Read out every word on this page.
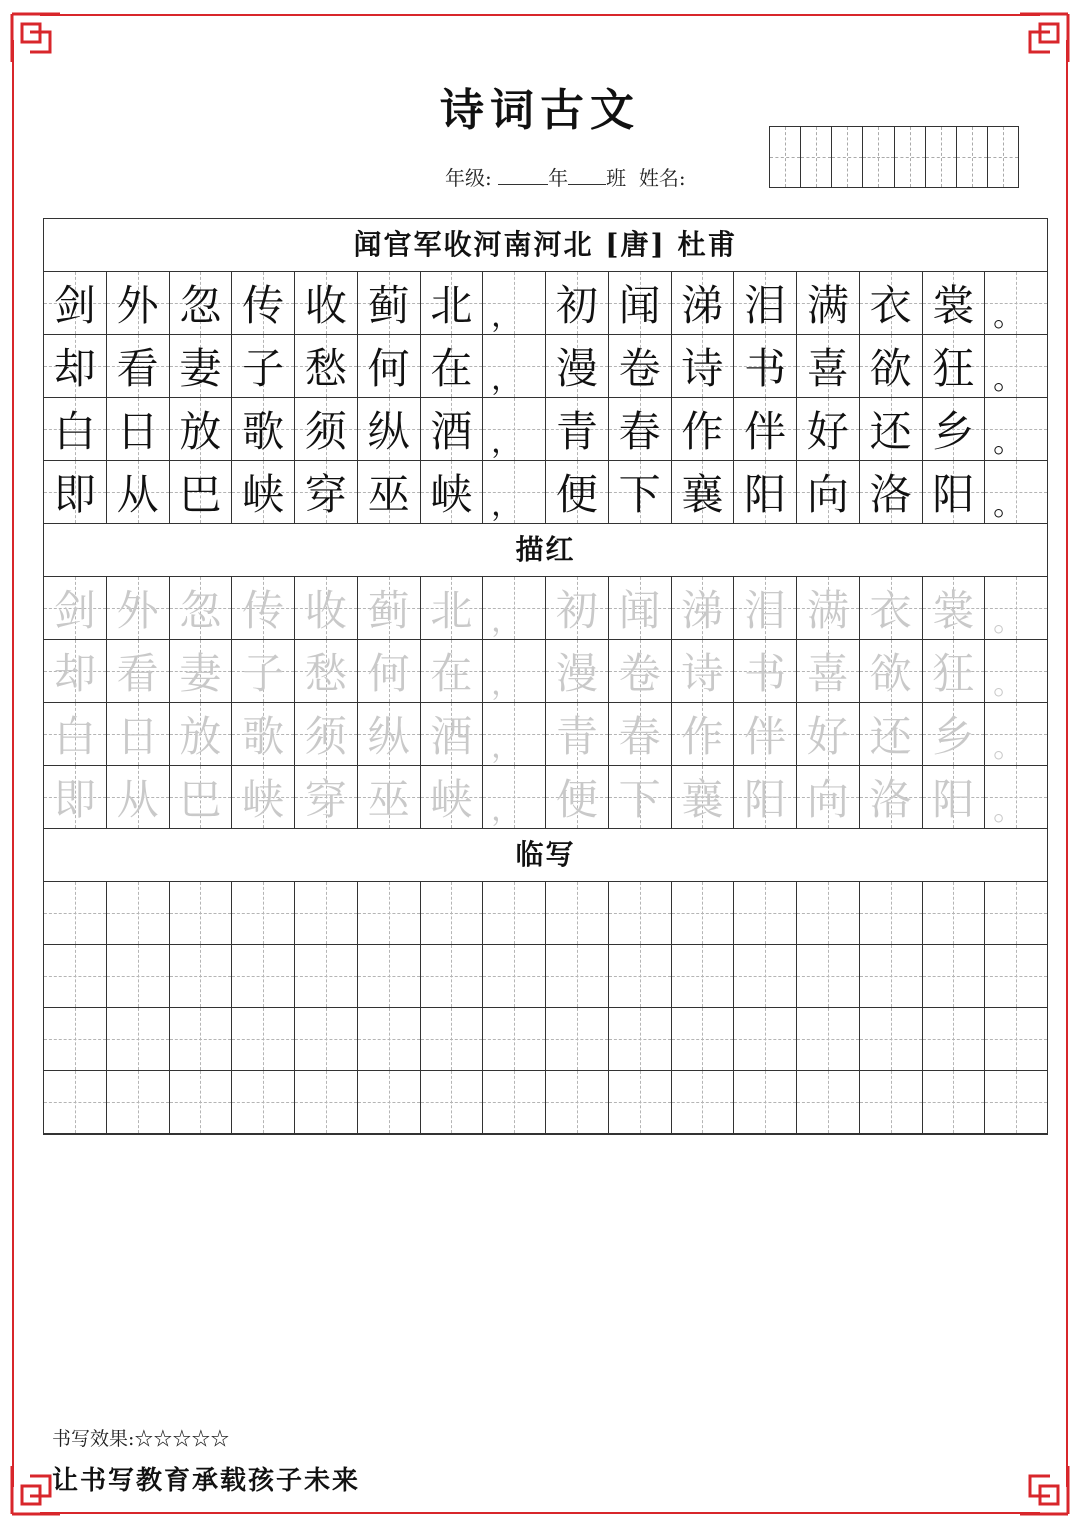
诗词古文
年级:	年 班 姓名:
闻官军收河南河北 [唐] 杜甫
剑 外 忽 传 收 蓟 北 ， 初 闻 涕 泪 满 衣 裳 。
却 看 妻 子 愁 何 在 ， 漫 卷 诗 书 喜 欲 狂 。
白 日 放 歌 须 纵 酒 ， 青 春 作 伴 好 还 乡 。
即 从 巴 峡 穿 巫 峡 ， 便 下 襄 阳 向 洛 阳 。
描红
剑 外 忽 传 收 蓟 北 ， 初 闻 涕 泪 满 衣 裳 。
却 看 妻 子 愁 何 在 ， 漫 卷 诗 书 喜 欲 狂 。
白 日 放 歌 须 纵 酒 ， 青 春 作 伴 好 还 乡 。
即 从 巴 峡 穿 巫 峡 ， 便 下 襄 阳 向 洛 阳 。
临写
书写效果:☆☆☆☆☆
让书写教育承载孩子未来
